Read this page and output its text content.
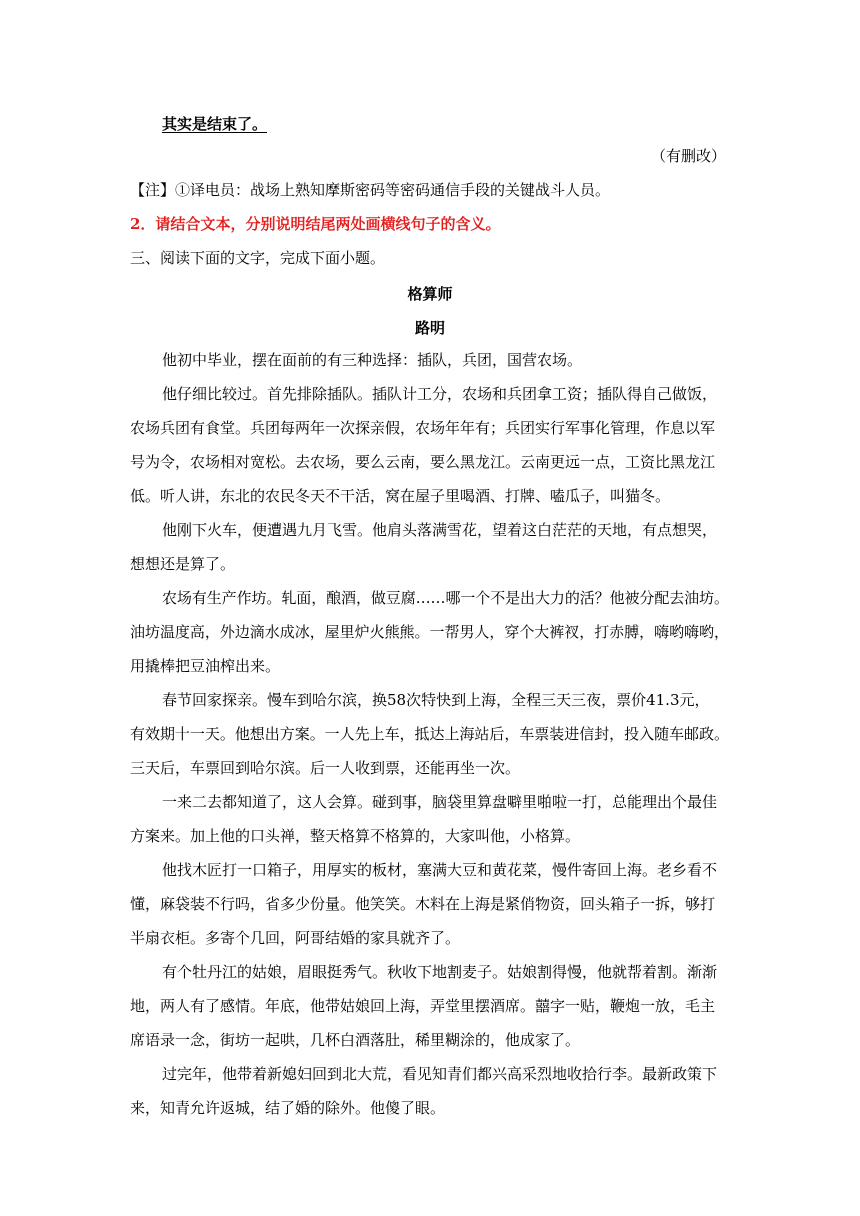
其实是结束了。
（有删改）
【注】①译电员：战场上熟知摩斯密码等密码通信手段的关键战斗人员。
2．请结合文本，分别说明结尾两处画横线句子的含义。
三、阅读下面的文字，完成下面小题。
格算师
路明
他初中毕业，摆在面前的有三种选择：插队，兵团，国营农场。
他仔细比较过。首先排除插队。插队计工分，农场和兵团拿工资；插队得自己做饭，
农场兵团有食堂。兵团每两年一次探亲假，农场年年有；兵团实行军事化管理，作息以军
号为令，农场相对宽松。去农场，要么云南，要么黑龙江。云南更远一点，工资比黑龙江
低。听人讲，东北的农民冬天不干活，窝在屋子里喝酒、打牌、嗑瓜子，叫猫冬。
他刚下火车，便遭遇九月飞雪。他肩头落满雪花，望着这白茫茫的天地，有点想哭，
想想还是算了。
农场有生产作坊。轧面，酿酒，做豆腐……哪一个不是出大力的活？他被分配去油坊。
油坊温度高，外边滴水成冰，屋里炉火熊熊。一帮男人，穿个大裤衩，打赤膊，嗨哟嗨哟，
用撬棒把豆油榨出来。
春节回家探亲。慢车到哈尔滨，换58次特快到上海，全程三天三夜，票价41.3元，
有效期十一天。他想出方案。一人先上车，抵达上海站后，车票装进信封，投入随车邮政。
三天后，车票回到哈尔滨。后一人收到票，还能再坐一次。
一来二去都知道了，这人会算。碰到事，脑袋里算盘噼里啪啦一打，总能理出个最佳
方案来。加上他的口头禅，整天格算不格算的，大家叫他，小格算。
他找木匠打一口箱子，用厚实的板材，塞满大豆和黄花菜，慢件寄回上海。老乡看不
懂，麻袋装不行吗，省多少份量。他笑笑。木料在上海是紧俏物资，回头箱子一拆，够打
半扇衣柜。多寄个几回，阿哥结婚的家具就齐了。
有个牡丹江的姑娘，眉眼挺秀气。秋收下地割麦子。姑娘割得慢，他就帮着割。渐渐
地，两人有了感情。年底，他带姑娘回上海，弄堂里摆酒席。囍字一贴，鞭炮一放，毛主
席语录一念，街坊一起哄，几杯白酒落肚，稀里糊涂的，他成家了。
过完年，他带着新媳妇回到北大荒，看见知青们都兴高采烈地收拾行李。最新政策下
来，知青允许返城，结了婚的除外。他傻了眼。
